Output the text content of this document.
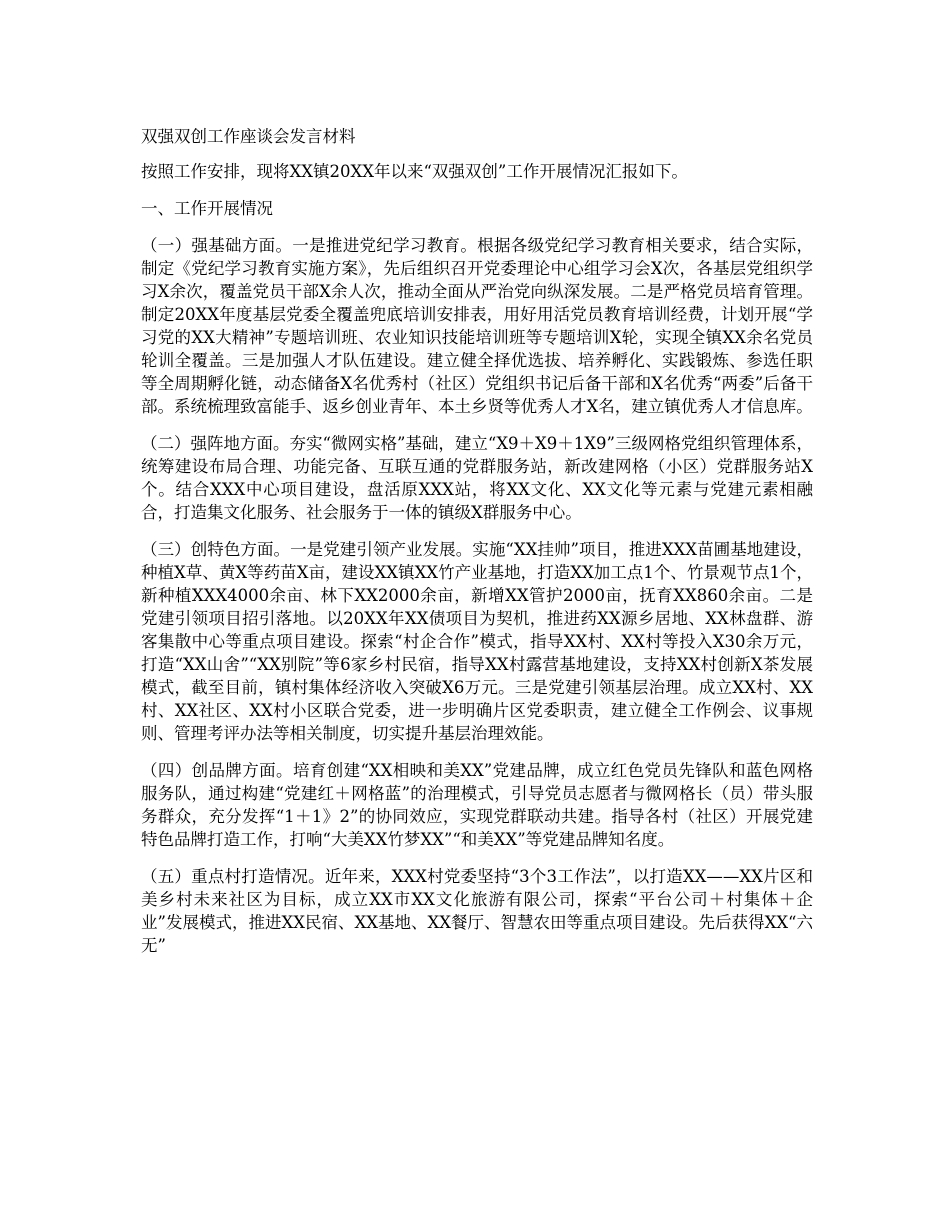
双强双创工作座谈会发言材料

按照工作安排，现将XX镇20XX年以来“双强双创”工作开展情况汇报如下。

一、工作开展情况

（一）强基础方面。一是推进党纪学习教育。根据各级党纪学习教育相关要求，结合实际，制定《党纪学习教育实施方案》，先后组织召开党委理论中心组学习会X次，各基层党组织学习X余次，覆盖党员干部X余人次，推动全面从严治党向纵深发展。二是严格党员培育管理。制定20XX年度基层党委全覆盖兜底培训安排表，用好用活党员教育培训经费，计划开展“学习党的XX大精神”专题培训班、农业知识技能培训班等专题培训X轮，实现全镇XX余名党员轮训全覆盖。三是加强人才队伍建设。建立健全择优选拔、培养孵化、实践锻炼、参选任职等全周期孵化链，动态储备X名优秀村（社区）党组织书记后备干部和X名优秀“两委”后备干部。系统梳理致富能手、返乡创业青年、本土乡贤等优秀人才X名，建立镇优秀人才信息库。

（二）强阵地方面。夯实“微网实格”基础，建立“X9＋X9＋1X9”三级网格党组织管理体系，统筹建设布局合理、功能完备、互联互通的党群服务站，新改建网格（小区）党群服务站X个。结合XXX中心项目建设，盘活原XXX站，将XX文化、XX文化等元素与党建元素相融合，打造集文化服务、社会服务于一体的镇级X群服务中心。

（三）创特色方面。一是党建引领产业发展。实施“XX挂帅”项目，推进XXX苗圃基地建设，种植X草、黄X等药苗X亩，建设XX镇XX竹产业基地，打造XX加工点1个、竹景观节点1个，新种植XXX4000余亩、林下XX2000余亩，新增XX管护2000亩，抚育XX860余亩。二是党建引领项目招引落地。以20XX年XX债项目为契机，推进药XX源乡居地、XX林盘群、游客集散中心等重点项目建设。探索“村企合作”模式，指导XX村、XX村等投入X30余万元，打造“XX山舍”“XX别院”等6家乡村民宿，指导XX村露营基地建设，支持XX村创新X茶发展模式，截至目前，镇村集体经济收入突破X6万元。三是党建引领基层治理。成立XX村、XX村、XX社区、XX村小区联合党委，进一步明确片区党委职责，建立健全工作例会、议事规则、管理考评办法等相关制度，切实提升基层治理效能。

（四）创品牌方面。培育创建“XX相映和美XX”党建品牌，成立红色党员先锋队和蓝色网格服务队，通过构建“党建红＋网格蓝”的治理模式，引导党员志愿者与微网格长（员）带头服务群众，充分发挥“1＋1》2”的协同效应，实现党群联动共建。指导各村（社区）开展党建特色品牌打造工作，打响“大美XX竹梦XX”“和美XX”等党建品牌知名度。

（五）重点村打造情况。近年来，XXX村党委坚持“3个3工作法”，以打造XX——XX片区和美乡村未来社区为目标，成立XX市XX文化旅游有限公司，探索“平台公司＋村集体＋企业”发展模式，推进XX民宿、XX基地、XX餐厅、智慧农田等重点项目建设。先后获得XX“六无”
